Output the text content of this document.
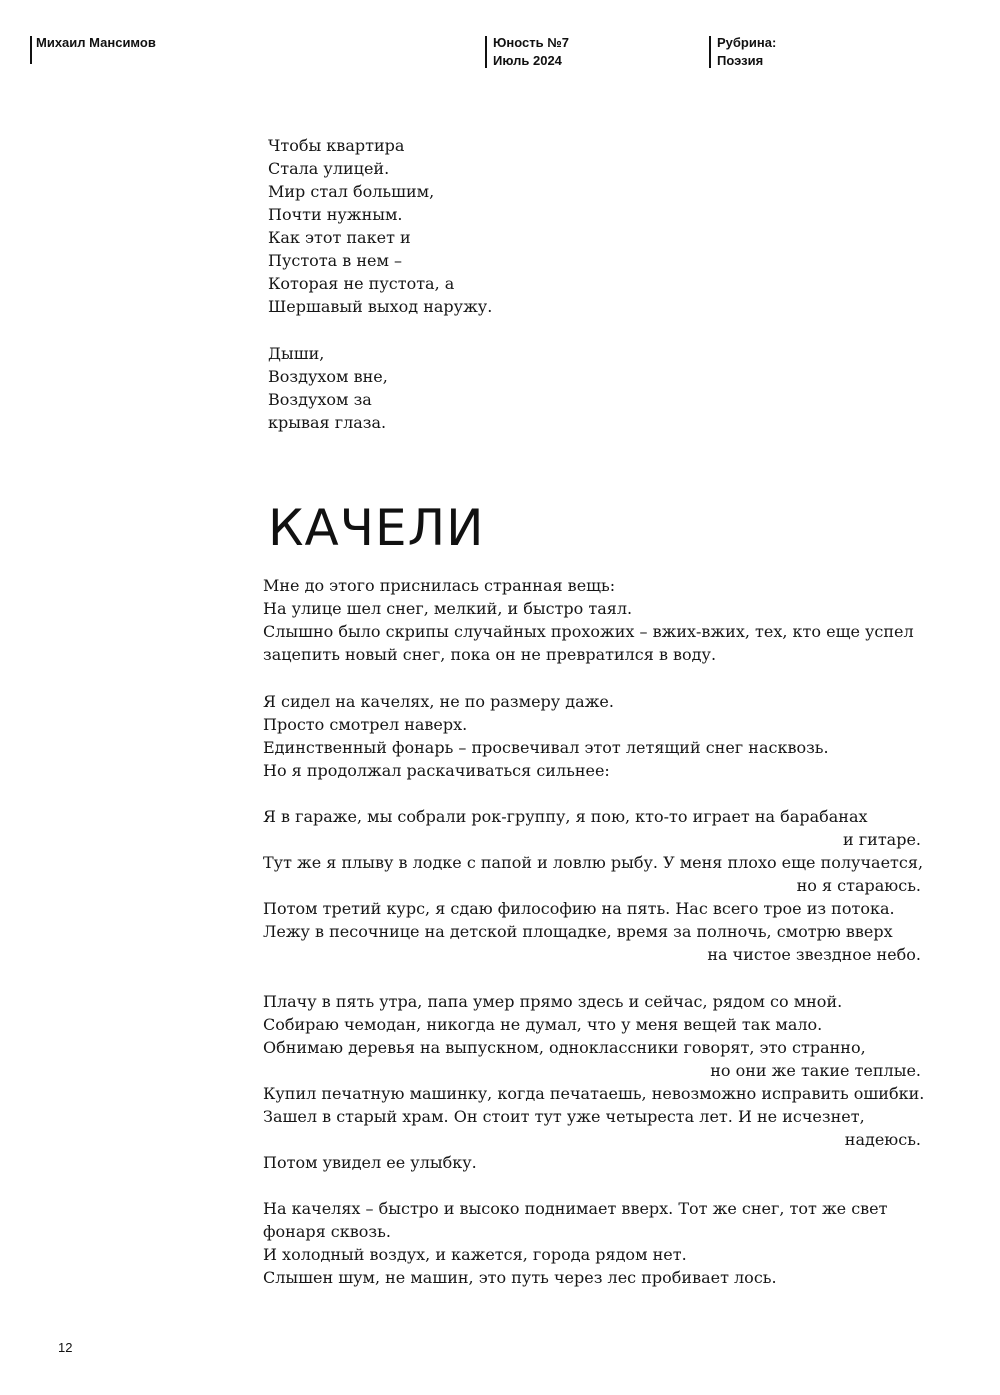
Михаил Мансимов	Юность №7
Июль 2024
Рубрина:
Поэзия
Чтобы квартира
Стала улицей.
Мир стал большим,
Почти нужным.
Как этот пакет и
Пустота в нем –
Которая не пустота, а
Шершавый выход наружу.
Дыши,
Воздухом вне,
Воздухом за
крывая глаза.
КАЧЕЛИ
Мне до этого приснилась странная вещь:
На улице шел снег, мелкий, и быстро таял.
Слышно было скрипы случайных прохожих – вжих-вжих, тех, кто еще успел
зацепить новый снег, пока он не превратился в воду.
Я сидел на качелях, не по размеру даже.
Просто смотрел наверх.
Единственный фонарь – просвечивал этот летящий снег насквозь.
Но я продолжал раскачиваться сильнее:
Я в гараже, мы собрали рок-группу, я пою, кто-то играет на барабанах
и гитаре.
Тут же я плыву в лодке с папой и ловлю рыбу. У меня плохо еще получается,
но я стараюсь.
Потом третий курс, я сдаю философию на пять. Нас всего трое из потока.
Лежу в песочнице на детской площадке, время за полночь, смотрю вверх
на чистое звездное небо.
Плачу в пять утра, папа умер прямо здесь и сейчас, рядом со мной.
Собираю чемодан, никогда не думал, что у меня вещей так мало.
Обнимаю деревья на выпускном, одноклассники говорят, это странно,
но они же такие теплые.
Купил печатную машинку, когда печатаешь, невозможно исправить ошибки.
Зашел в старый храм. Он стоит тут уже четыреста лет. И не исчезнет,
надеюсь.
Потом увидел ее улыбку.
На качелях – быстро и высоко поднимает вверх. Тот же снег, тот же свет
фонаря сквозь.
И холодный воздух, и кажется, города рядом нет.
Слышен шум, не машин, это путь через лес пробивает лось.
12
